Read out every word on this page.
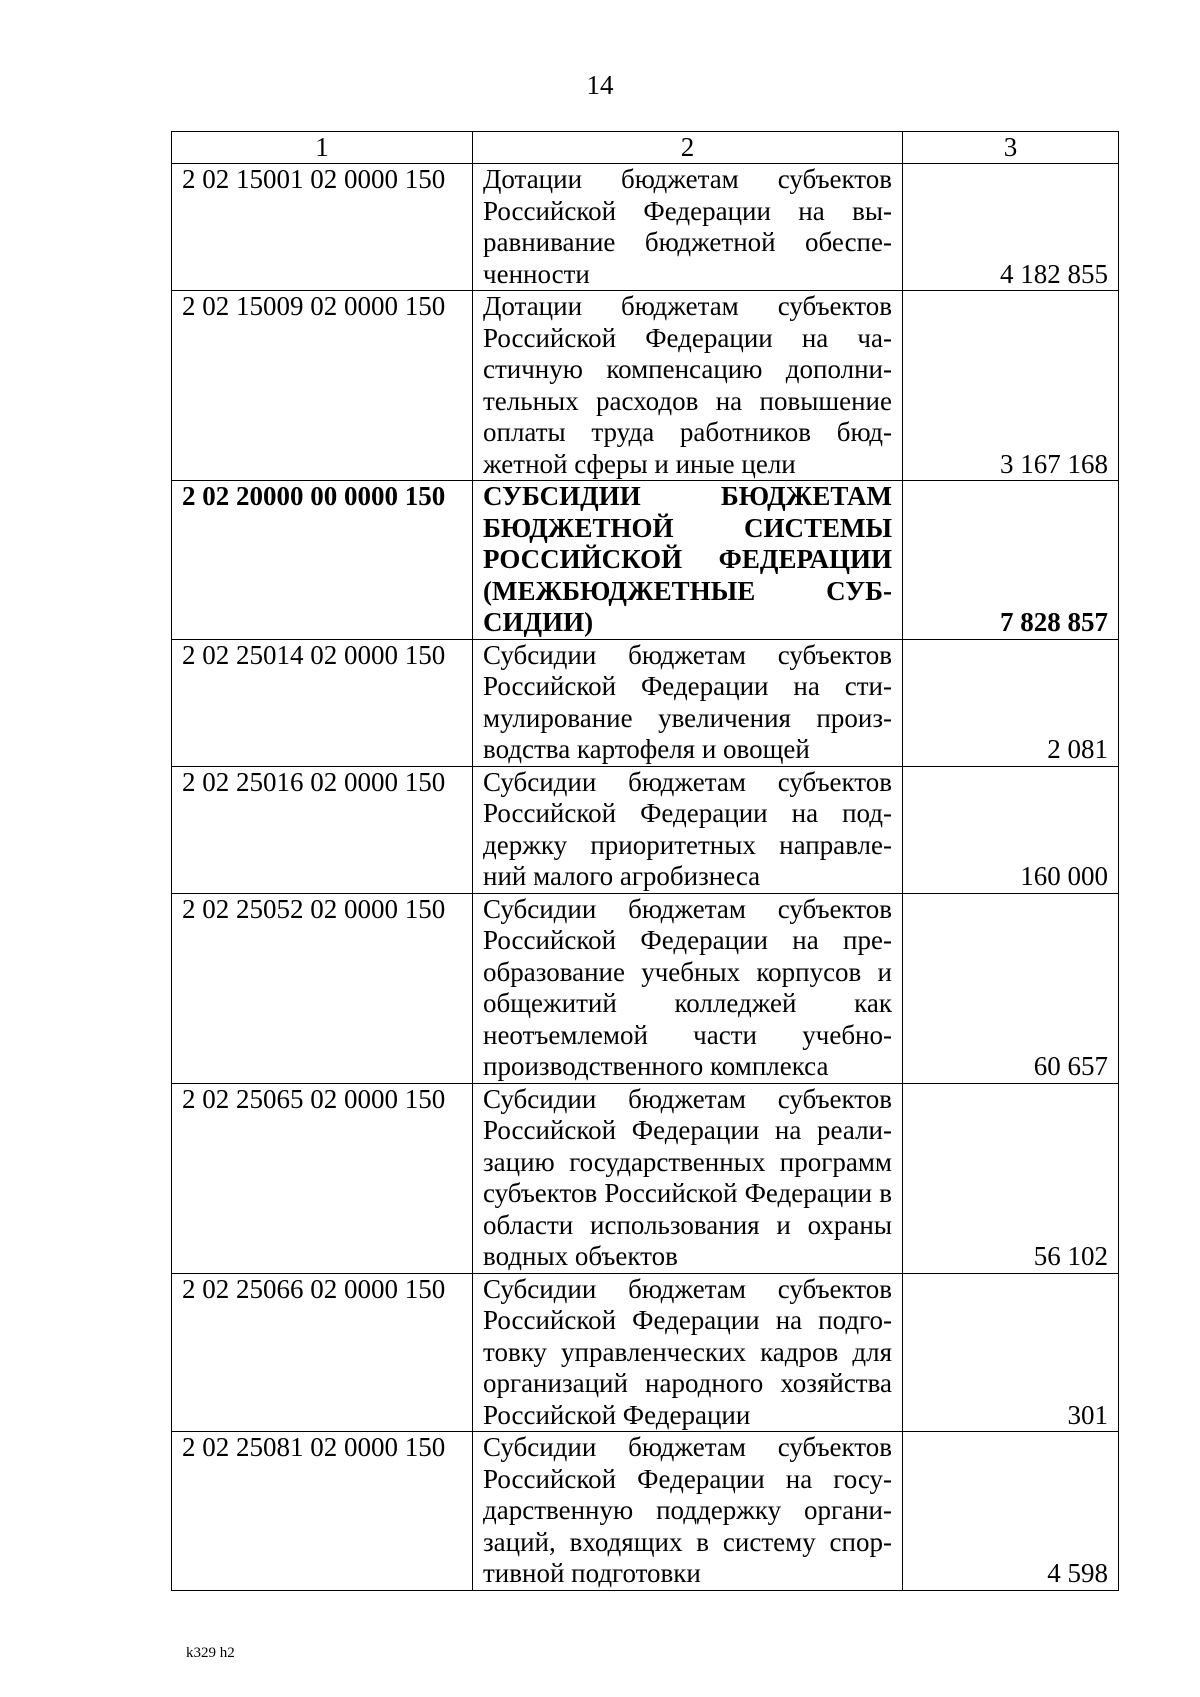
14
1	2	3
2 02 15001 02 0000 150	Дотации бюджетам субъектов Российской Федерации на выравнивание бюджетной обеспеченности	4 182 855
2 02 15009 02 0000 150	Дотации бюджетам субъектов Российской Федерации на частичную компенсацию дополнительных расходов на повышение оплаты труда работников бюджетной сферы и иные цели	3 167 168
2 02 20000 00 0000 150	СУБСИДИИ БЮДЖЕТАМ БЮДЖЕТНОЙ СИСТЕМЫ РОССИЙСКОЙ ФЕДЕРАЦИИ (МЕЖБЮДЖЕТНЫЕ СУБСИДИИ)	7 828 857
2 02 25014 02 0000 150	Субсидии бюджетам субъектов Российской Федерации на стимулирование увеличения производства картофеля и овощей	2 081
2 02 25016 02 0000 150	Субсидии бюджетам субъектов Российской Федерации на поддержку приоритетных направлений малого агробизнеса	160 000
2 02 25052 02 0000 150	Субсидии бюджетам субъектов Российской Федерации на преобразование учебных корпусов и общежитий колледжей как неотъемлемой части учебно-производственного комплекса	60 657
2 02 25065 02 0000 150	Субсидии бюджетам субъектов Российской Федерации на реализацию государственных программ субъектов Российской Федерации в области использования и охраны водных объектов	56 102
2 02 25066 02 0000 150	Субсидии бюджетам субъектов Российской Федерации на подготовку управленческих кадров для организаций народного хозяйства Российской Федерации	301
2 02 25081 02 0000 150	Субсидии бюджетам субъектов Российской Федерации на государственную поддержку организаций, входящих в систему спортивной подготовки	4 598
k329 h2
